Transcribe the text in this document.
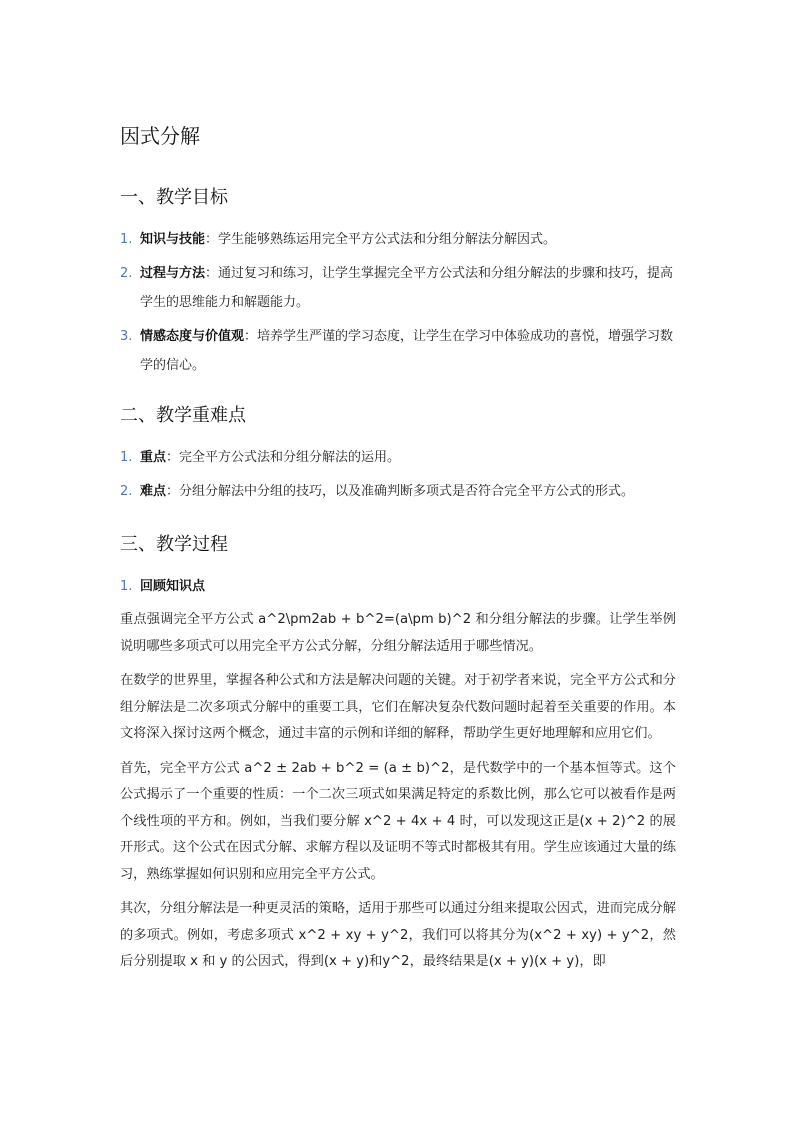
因式分解
一、教学目标
1. 知识与技能：学生能够熟练运用完全平方公式法和分组分解法分解因式。
2. 过程与方法：通过复习和练习，让学生掌握完全平方公式法和分组分解法的步骤和技巧，提高学生的思维能力和解题能力。
3. 情感态度与价值观：培养学生严谨的学习态度，让学生在学习中体验成功的喜悦，增强学习数学的信心。
二、教学重难点
1. 重点：完全平方公式法和分组分解法的运用。
2. 难点：分组分解法中分组的技巧，以及准确判断多项式是否符合完全平方公式的形式。
三、教学过程
1. 回顾知识点

重点强调完全平方公式 a^2\pm2ab + b^2=(a\pm b)^2 和分组分解法的步骤。让学生举例说明哪些多项式可以用完全平方公式分解，分组分解法适用于哪些情况。

在数学的世界里，掌握各种公式和方法是解决问题的关键。对于初学者来说，完全平方公式和分组分解法是二次多项式分解中的重要工具，它们在解决复杂代数问题时起着至关重要的作用。本文将深入探讨这两个概念，通过丰富的示例和详细的解释，帮助学生更好地理解和应用它们。

首先，完全平方公式 a^2 ± 2ab + b^2 = (a ± b)^2，是代数学中的一个基本恒等式。这个公式揭示了一个重要的性质：一个二次三项式如果满足特定的系数比例，那么它可以被看作是两个线性项的平方和。例如，当我们要分解 x^2 + 4x + 4 时，可以发现这正是(x + 2)^2 的展开形式。这个公式在因式分解、求解方程以及证明不等式时都极其有用。学生应该通过大量的练习，熟练掌握如何识别和应用完全平方公式。

其次，分组分解法是一种更灵活的策略，适用于那些可以通过分组来提取公因式，进而完成分解的多项式。例如，考虑多项式 x^2 + xy + y^2，我们可以将其分为(x^2 + xy) + y^2，然后分别提取 x 和 y 的公因式，得到(x + y)和y^2，最终结果是(x + y)(x + y)，即
